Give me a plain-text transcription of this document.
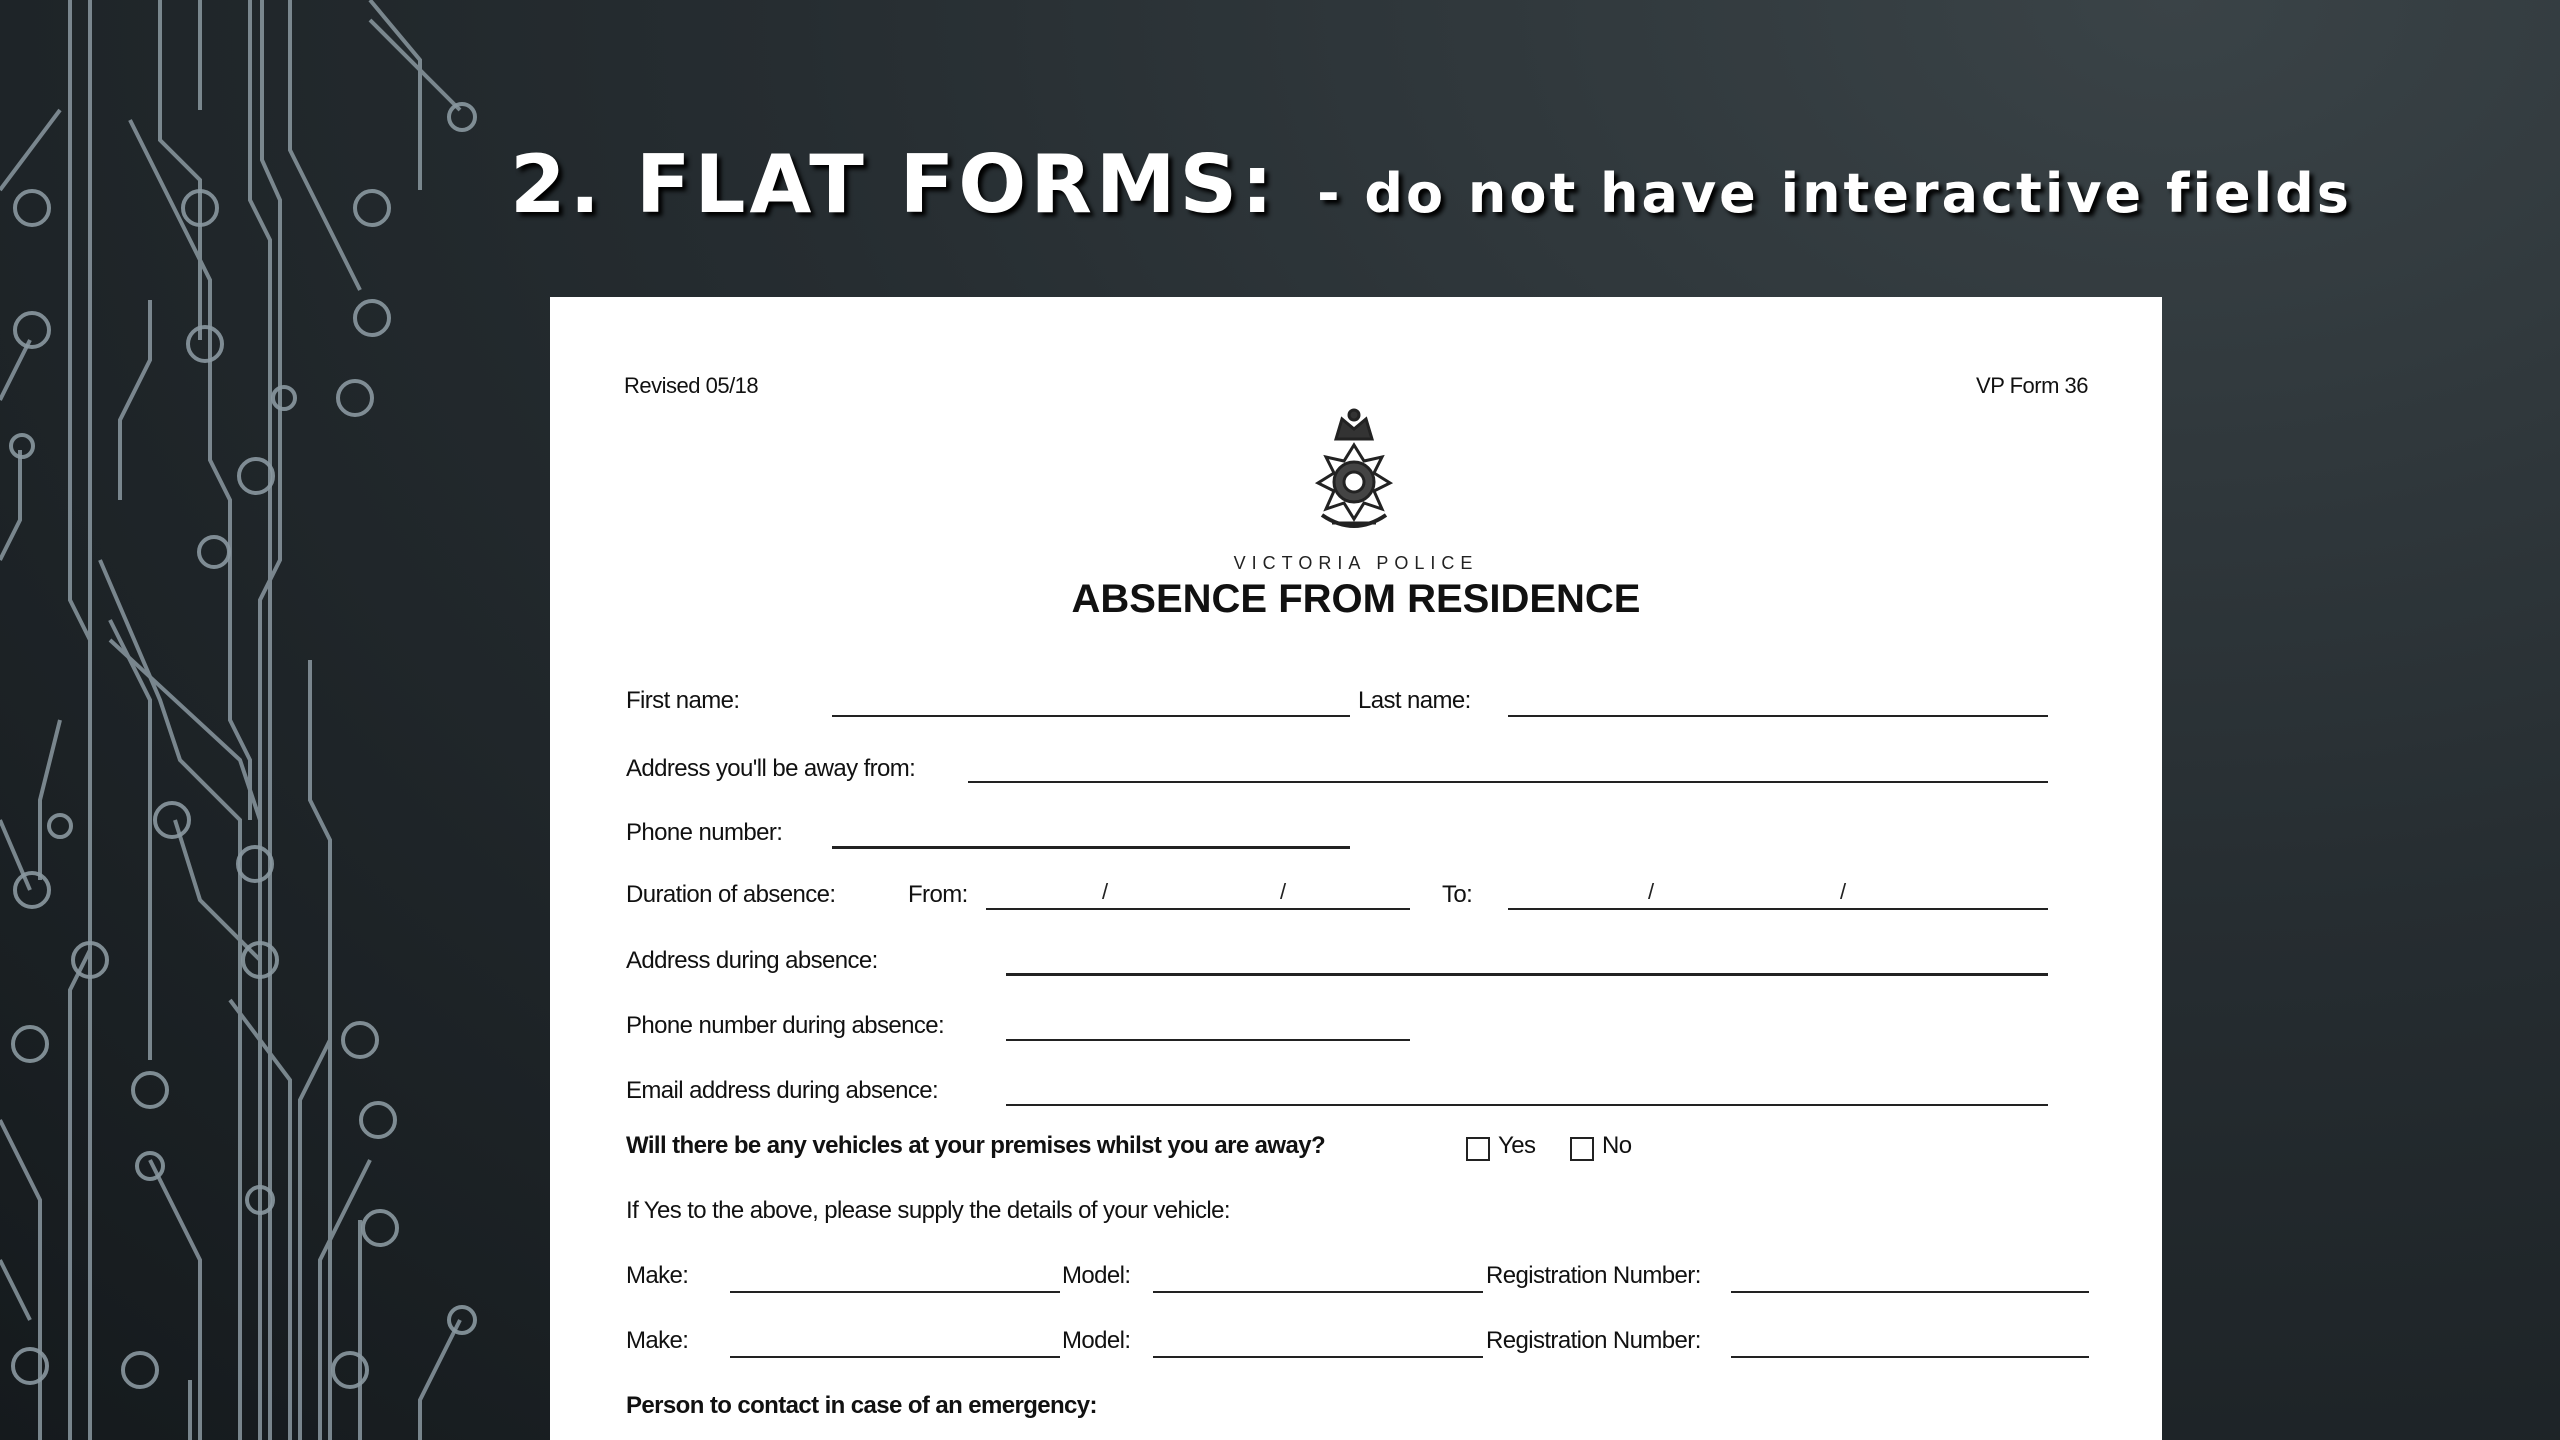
2. FLAT FORMS: - do not have interactive fields
Revised 05/18	VP Form 36
VICTORIA POLICE
ABSENCE FROM RESIDENCE
First name:	Last name:
Address you'll be away from:
Phone number:
Duration of absence:	From:	/	/	To:	/	/
Address during absence:
Phone number during absence:
Email address during absence:
Will there be any vehicles at your premises whilst you are away?	Yes	No
If Yes to the above, please supply the details of your vehicle:
Make:	Model:	Registration Number:
Make:	Model:	Registration Number:
Person to contact in case of an emergency:
